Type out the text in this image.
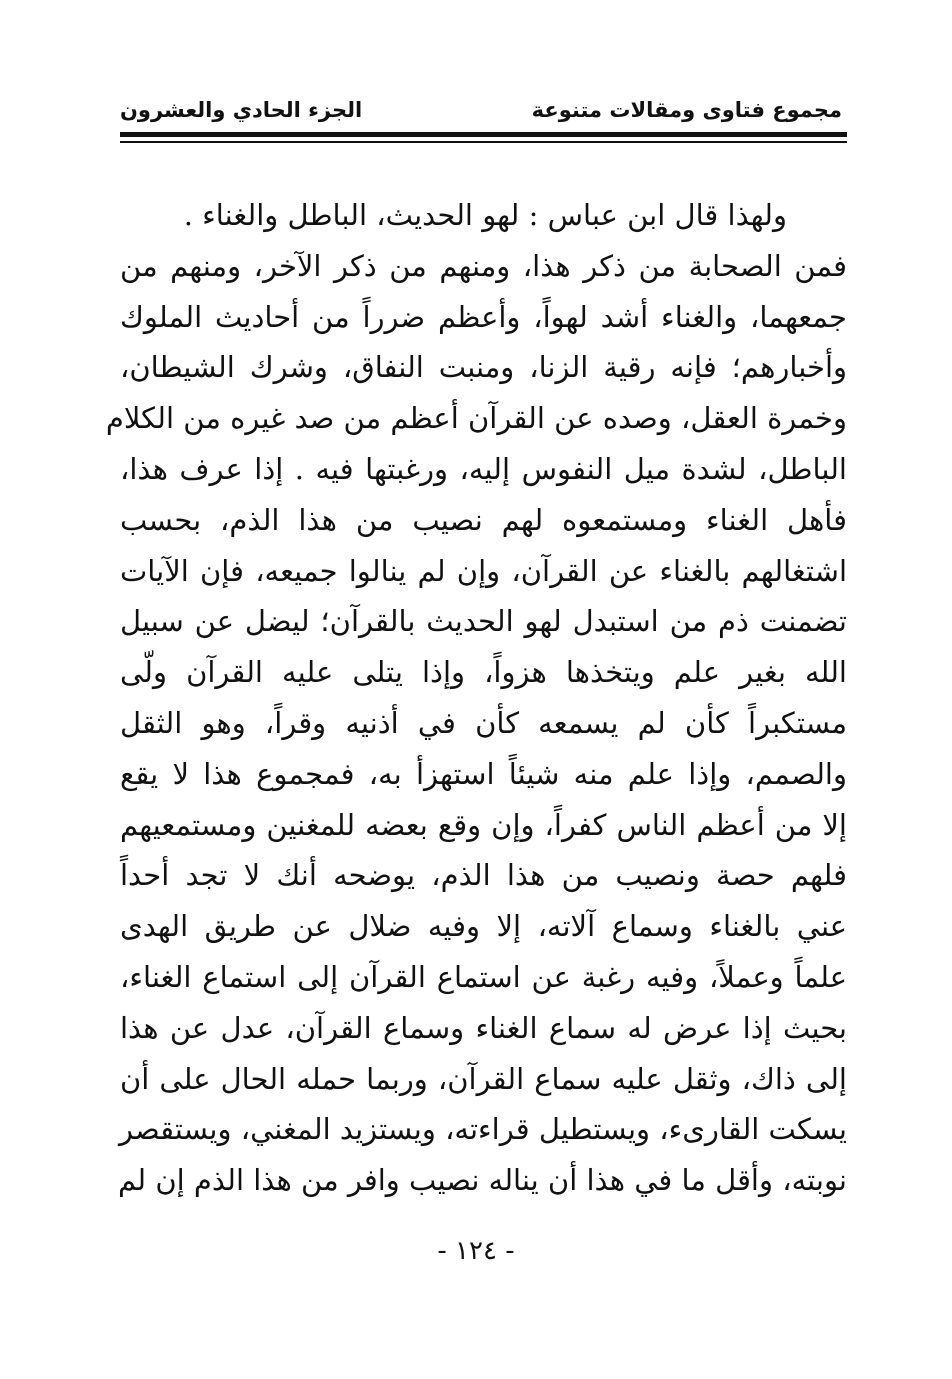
مجموع فتاوى ومقالات متنوعة
الجزء الحادي والعشرون
ولهذا قال ابن عباس : لهو الحديث، الباطل والغناء .
فمن الصحابة من ذكر هذا، ومنهم من ذكر الآخر، ومنهم من
جمعهما، والغناء أشد لهواً، وأعظم ضرراً من أحاديث الملوك
وأخبارهم؛ فإنه رقية الزنا، ومنبت النفاق، وشرك الشيطان،
وخمرة العقل، وصده عن القرآن أعظم من صد غيره من الكلام
الباطل، لشدة ميل النفوس إليه، ورغبتها فيه . إذا عرف هذا،
فأهل الغناء ومستمعوه لهم نصيب من هذا الذم، بحسب
اشتغالهم بالغناء عن القرآن، وإن لم ينالوا جميعه، فإن الآيات
تضمنت ذم من استبدل لهو الحديث بالقرآن؛ ليضل عن سبيل
الله بغير علم ويتخذها هزواً، وإذا يتلى عليه القرآن ولّى
مستكبراً كأن لم يسمعه كأن في أذنيه وقراً، وهو الثقل
والصمم، وإذا علم منه شيئاً استهزأ به، فمجموع هذا لا يقع
إلا من أعظم الناس كفراً، وإن وقع بعضه للمغنين ومستمعيهم
فلهم حصة ونصيب من هذا الذم، يوضحه أنك لا تجد أحداً
عني بالغناء وسماع آلاته، إلا وفيه ضلال عن طريق الهدى
علماً وعملاً، وفيه رغبة عن استماع القرآن إلى استماع الغناء،
بحيث إذا عرض له سماع الغناء وسماع القرآن، عدل عن هذا
إلى ذاك، وثقل عليه سماع القرآن، وربما حمله الحال على أن
يسكت القارىء، ويستطيل قراءته، ويستزيد المغني، ويستقصر
نوبته، وأقل ما في هذا أن يناله نصيب وافر من هذا الذم إن لم
- ١٢٤ -
